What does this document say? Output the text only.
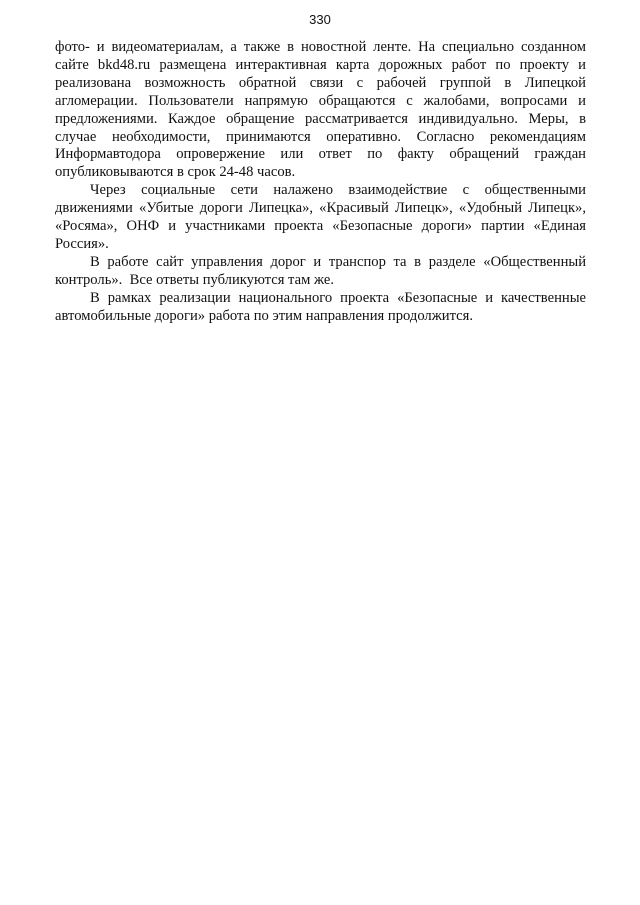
330
фото- и видеоматериалам, а также в новостной ленте. На специально созданном
сайте bkd48.ru размещена интерактивная карта дорожных работ по проекту и
реализована возможность обратной связи с рабочей группой в Липецкой
агломерации. Пользователи напрямую обращаются с жалобами, вопросами и
предложениями. Каждое обращение рассматривается индивидуально. Меры, в
случае необходимости, принимаются оперативно. Согласно рекомендациям
Информавтодора опровержение или ответ по факту обращений граждан
опубликовываются в срок 24-48 часов.
Через социальные сети налажено взаимодействие с общественными
движениями «Убитые дороги Липецка», «Красивый Липецк», «Удобный Липецк»,
«Росяма», ОНФ и участниками проекта «Безопасные дороги» партии «Единая
Россия».
В работе сайт управления дорог и транспор та в разделе «Общественный
контроль».  Все ответы публикуются там же.
В рамках реализации национального проекта «Безопасные и качественные
автомобильные дороги» работа по этим направления продолжится.
